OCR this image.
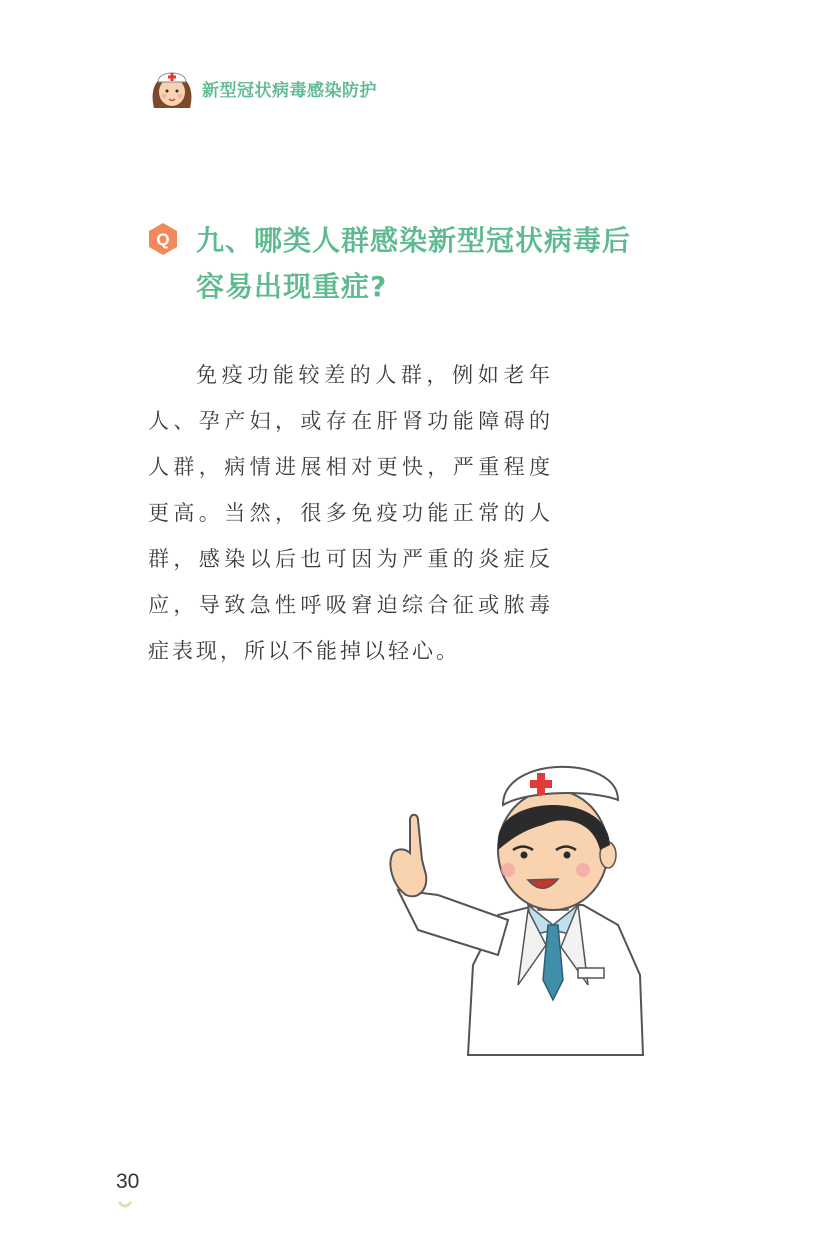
新型冠状病毒感染防护
Q 九、哪类人群感染新型冠状病毒后
容易出现重症?
免疫功能较差的人群，例如老年人、孕产妇，或存在肝肾功能障碍的人群，病情进展相对更快，严重程度更高。当然，很多免疫功能正常的人群，感染以后也可因为严重的炎症反应，导致急性呼吸窘迫综合征或脓毒症表现，所以不能掉以轻心。
30
